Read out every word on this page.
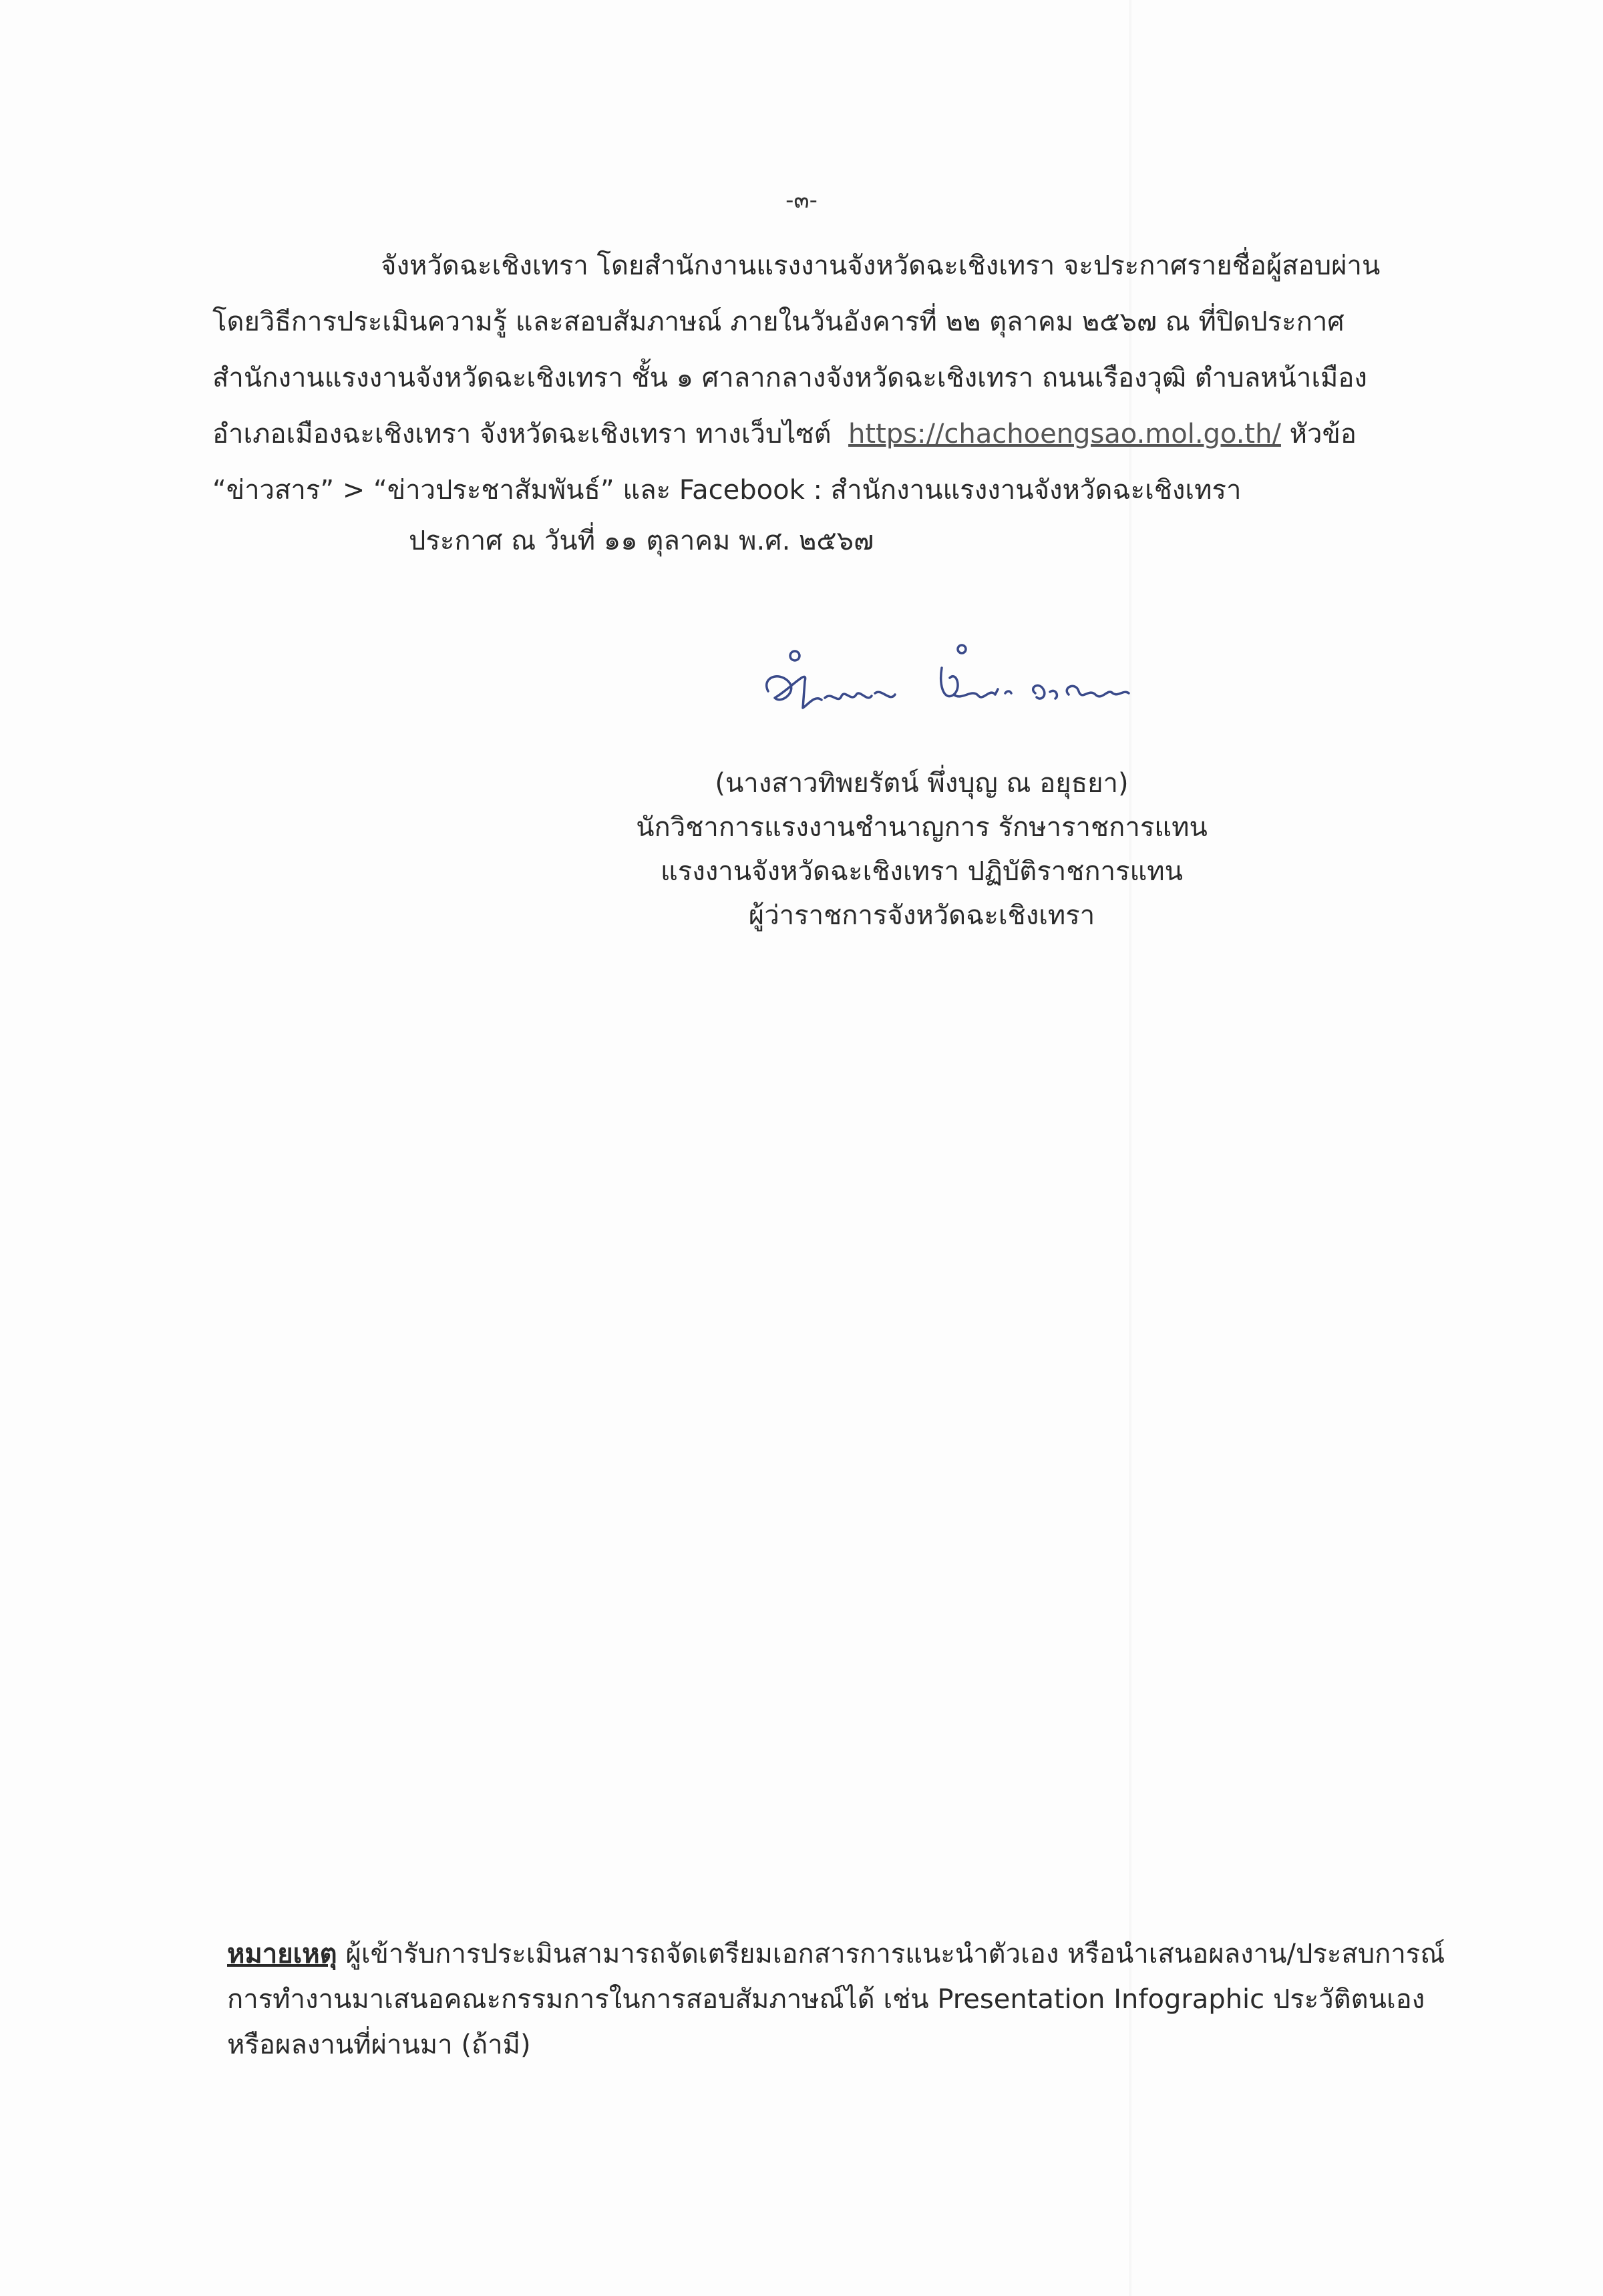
-๓-
จังหวัดฉะเชิงเทรา โดยสำนักงานแรงงานจังหวัดฉะเชิงเทรา จะประกาศรายชื่อผู้สอบผ่าน
โดยวิธีการประเมินความรู้ และสอบสัมภาษณ์ ภายในวันอังคารที่ ๒๒ ตุลาคม ๒๕๖๗ ณ ที่ปิดประกาศ
สำนักงานแรงงานจังหวัดฉะเชิงเทรา ชั้น ๑ ศาลากลางจังหวัดฉะเชิงเทรา ถนนเรืองวุฒิ ตำบลหน้าเมือง
อำเภอเมืองฉะเชิงเทรา จังหวัดฉะเชิงเทรา ทางเว็บไซต์ https://chachoengsao.mol.go.th/ หัวข้อ
“ข่าวสาร” > “ข่าวประชาสัมพันธ์” และ Facebook : สำนักงานแรงงานจังหวัดฉะเชิงเทรา
ประกาศ ณ วันที่ ๑๑ ตุลาคม พ.ศ. ๒๕๖๗
(นางสาวทิพยรัตน์ พึ่งบุญ ณ อยุธยา)
นักวิชาการแรงงานชำนาญการ รักษาราชการแทน
แรงงานจังหวัดฉะเชิงเทรา ปฏิบัติราชการแทน
ผู้ว่าราชการจังหวัดฉะเชิงเทรา
หมายเหตุ ผู้เข้ารับการประเมินสามารถจัดเตรียมเอกสารการแนะนำตัวเอง หรือนำเสนอผลงาน/ประสบการณ์
การทำงานมาเสนอคณะกรรมการในการสอบสัมภาษณ์ได้ เช่น Presentation Infographic ประวัติตนเอง
หรือผลงานที่ผ่านมา (ถ้ามี)
